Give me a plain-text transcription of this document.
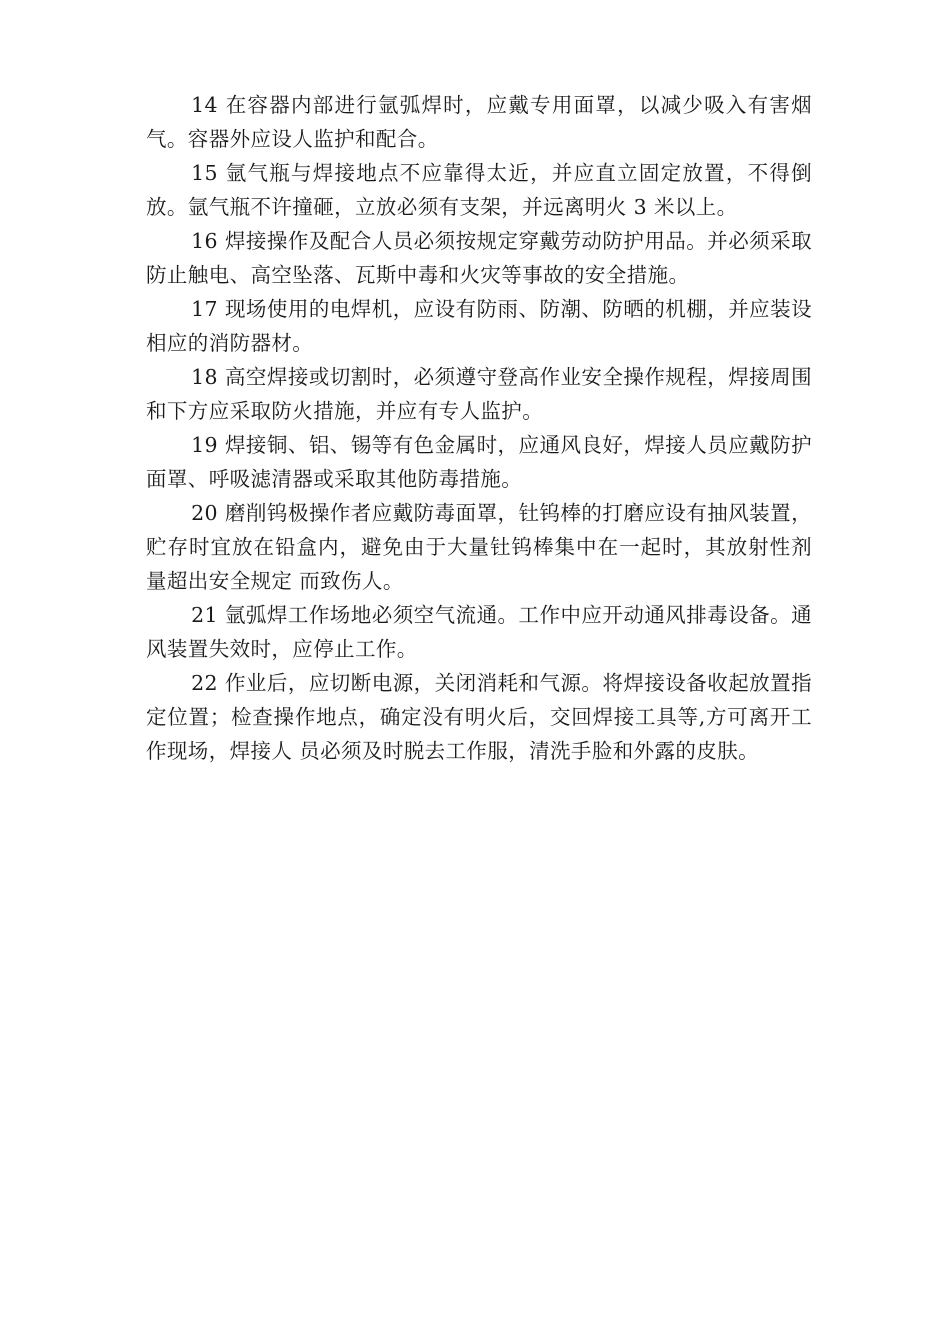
14 在容器内部进行氩弧焊时，应戴专用面罩，以减少吸入有害烟气。容器外应设人监护和配合。

15 氩气瓶与焊接地点不应靠得太近，并应直立固定放置，不得倒放。氩气瓶不许撞砸，立放必须有支架，并远离明火 3 米以上。

16 焊接操作及配合人员必须按规定穿戴劳动防护用品。并必须采取防止触电、高空坠落、瓦斯中毒和火灾等事故的安全措施。

17 现场使用的电焊机，应设有防雨、防潮、防晒的机棚，并应装设相应的消防器材。

18 高空焊接或切割时，必须遵守登高作业安全操作规程，焊接周围和下方应采取防火措施，并应有专人监护。

19 焊接铜、铝、锡等有色金属时，应通风良好，焊接人员应戴防护面罩、呼吸滤清器或采取其他防毒措施。

20 磨削钨极操作者应戴防毒面罩，钍钨棒的打磨应设有抽风装置，贮存时宜放在铅盒内，避免由于大量钍钨棒集中在一起时，其放射性剂量超出安全规定 而致伤人。

21 氩弧焊工作场地必须空气流通。工作中应开动通风排毒设备。通风装置失效时，应停止工作。

22 作业后，应切断电源，关闭消耗和气源。将焊接设备收起放置指定位置；检查操作地点，确定没有明火后，交回焊接工具等,方可离开工作现场，焊接人 员必须及时脱去工作服，清洗手脸和外露的皮肤。
